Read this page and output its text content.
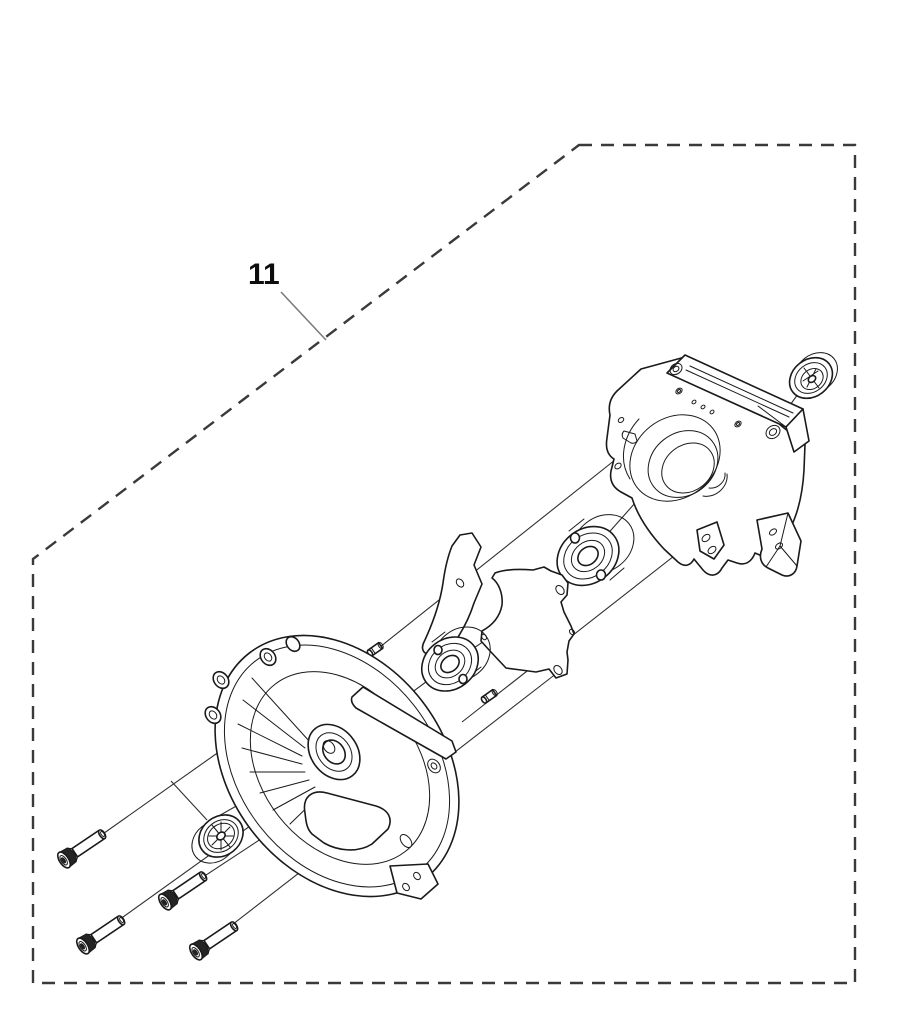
11
